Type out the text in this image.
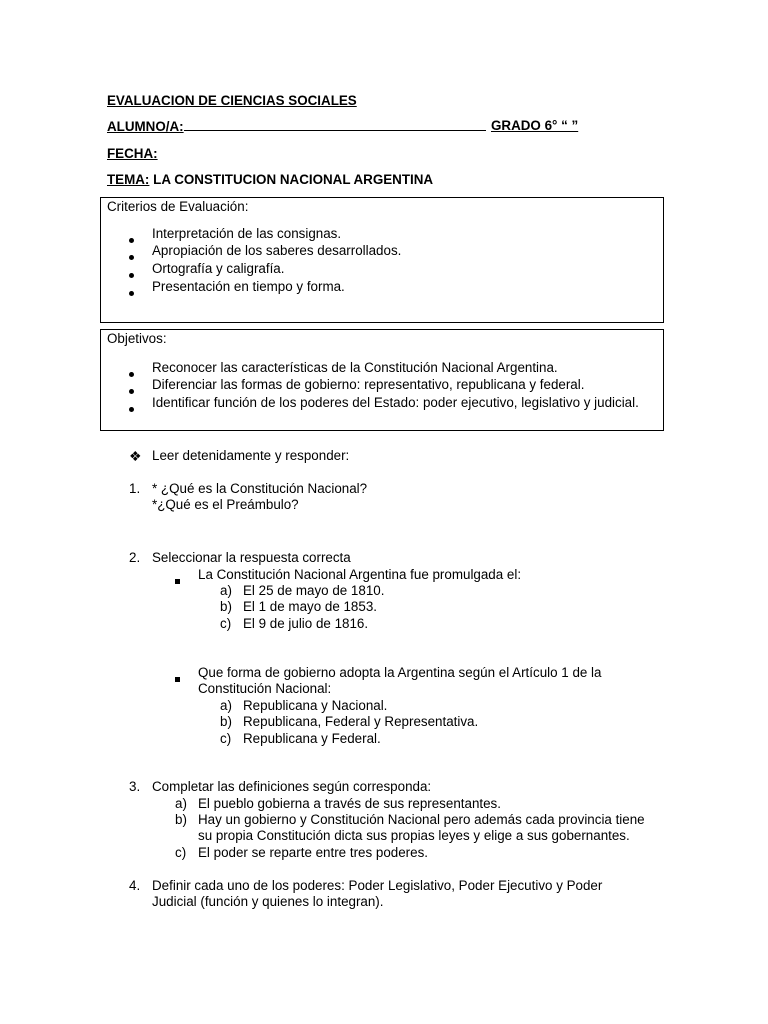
EVALUACION DE CIENCIAS SOCIALES
ALUMNO/A:	GRADO 6° “ ”
FECHA:
TEMA: LA CONSTITUCION NACIONAL ARGENTINA
Criterios de Evaluación:
Interpretación de las consignas.
Apropiación de los saberes desarrollados.
Ortografía y caligrafía.
Presentación en tiempo y forma.
Objetivos:
Reconocer las características de la Constitución Nacional Argentina.
Diferenciar las formas de gobierno: representativo, republicana y federal.
Identificar función de los poderes del Estado: poder ejecutivo, legislativo y judicial.
❖ Leer detenidamente y responder:
1. * ¿Qué es la Constitución Nacional?
*¿Qué es el Preámbulo?
2. Seleccionar la respuesta correcta
La Constitución Nacional Argentina fue promulgada el:
a) El 25 de mayo de 1810.
b) El 1 de mayo de 1853.
c) El 9 de julio de 1816.
Que forma de gobierno adopta la Argentina según el Artículo 1 de la
Constitución Nacional:
a) Republicana y Nacional.
b) Republicana, Federal y Representativa.
c) Republicana y Federal.
3. Completar las definiciones según corresponda:
a) El pueblo gobierna a través de sus representantes.
b) Hay un gobierno y Constitución Nacional pero además cada provincia tiene
su propia Constitución dicta sus propias leyes y elige a sus gobernantes.
c) El poder se reparte entre tres poderes.
4. Definir cada uno de los poderes: Poder Legislativo, Poder Ejecutivo y Poder
Judicial (función y quienes lo integran).
